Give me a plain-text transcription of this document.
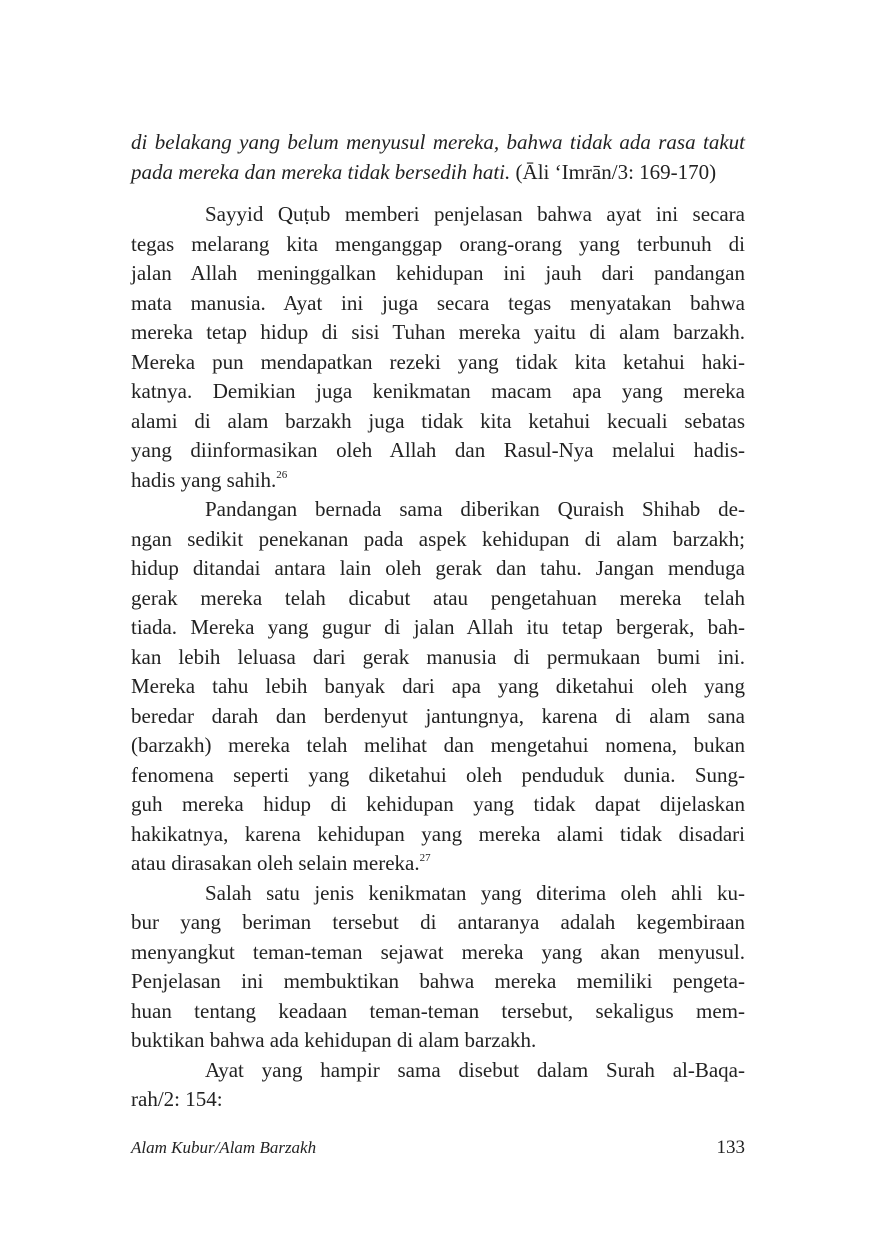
di belakang yang belum menyusul mereka, bahwa tidak ada rasa takut
pada mereka dan mereka tidak bersedih hati. (Āli ‘Imrān/3: 169-170)
Sayyid Quṭub memberi penjelasan bahwa ayat ini secara
tegas melarang kita menganggap orang-orang yang terbunuh di
jalan Allah meninggalkan kehidupan ini jauh dari pandangan
mata manusia. Ayat ini juga secara tegas menyatakan bahwa
mereka tetap hidup di sisi Tuhan mereka yaitu di alam barzakh.
Mereka pun mendapatkan rezeki yang tidak kita ketahui haki-
katnya. Demikian juga kenikmatan macam apa yang mereka
alami di alam barzakh juga tidak kita ketahui kecuali sebatas
yang diinformasikan oleh Allah dan Rasul-Nya melalui hadis-
hadis yang sahih.$^{26}$
Pandangan bernada sama diberikan Quraish Shihab de-
ngan sedikit penekanan pada aspek kehidupan di alam barzakh;
hidup ditandai antara lain oleh gerak dan tahu. Jangan menduga
gerak mereka telah dicabut atau pengetahuan mereka telah
tiada. Mereka yang gugur di jalan Allah itu tetap bergerak, bah-
kan lebih leluasa dari gerak manusia di permukaan bumi ini.
Mereka tahu lebih banyak dari apa yang diketahui oleh yang
beredar darah dan berdenyut jantungnya, karena di alam sana
(barzakh) mereka telah melihat dan mengetahui nomena, bukan
fenomena seperti yang diketahui oleh penduduk dunia. Sung-
guh mereka hidup di kehidupan yang tidak dapat dijelaskan
hakikatnya, karena kehidupan yang mereka alami tidak disadari
atau dirasakan oleh selain mereka.$^{27}$
Salah satu jenis kenikmatan yang diterima oleh ahli ku-
bur yang beriman tersebut di antaranya adalah kegembiraan
menyangkut teman-teman sejawat mereka yang akan menyusul.
Penjelasan ini membuktikan bahwa mereka memiliki pengeta-
huan tentang keadaan teman-teman tersebut, sekaligus mem-
buktikan bahwa ada kehidupan di alam barzakh.
Ayat yang hampir sama disebut dalam Surah al-Baqa-
rah/2: 154:
Alam Kubur/Alam Barzakh	133
